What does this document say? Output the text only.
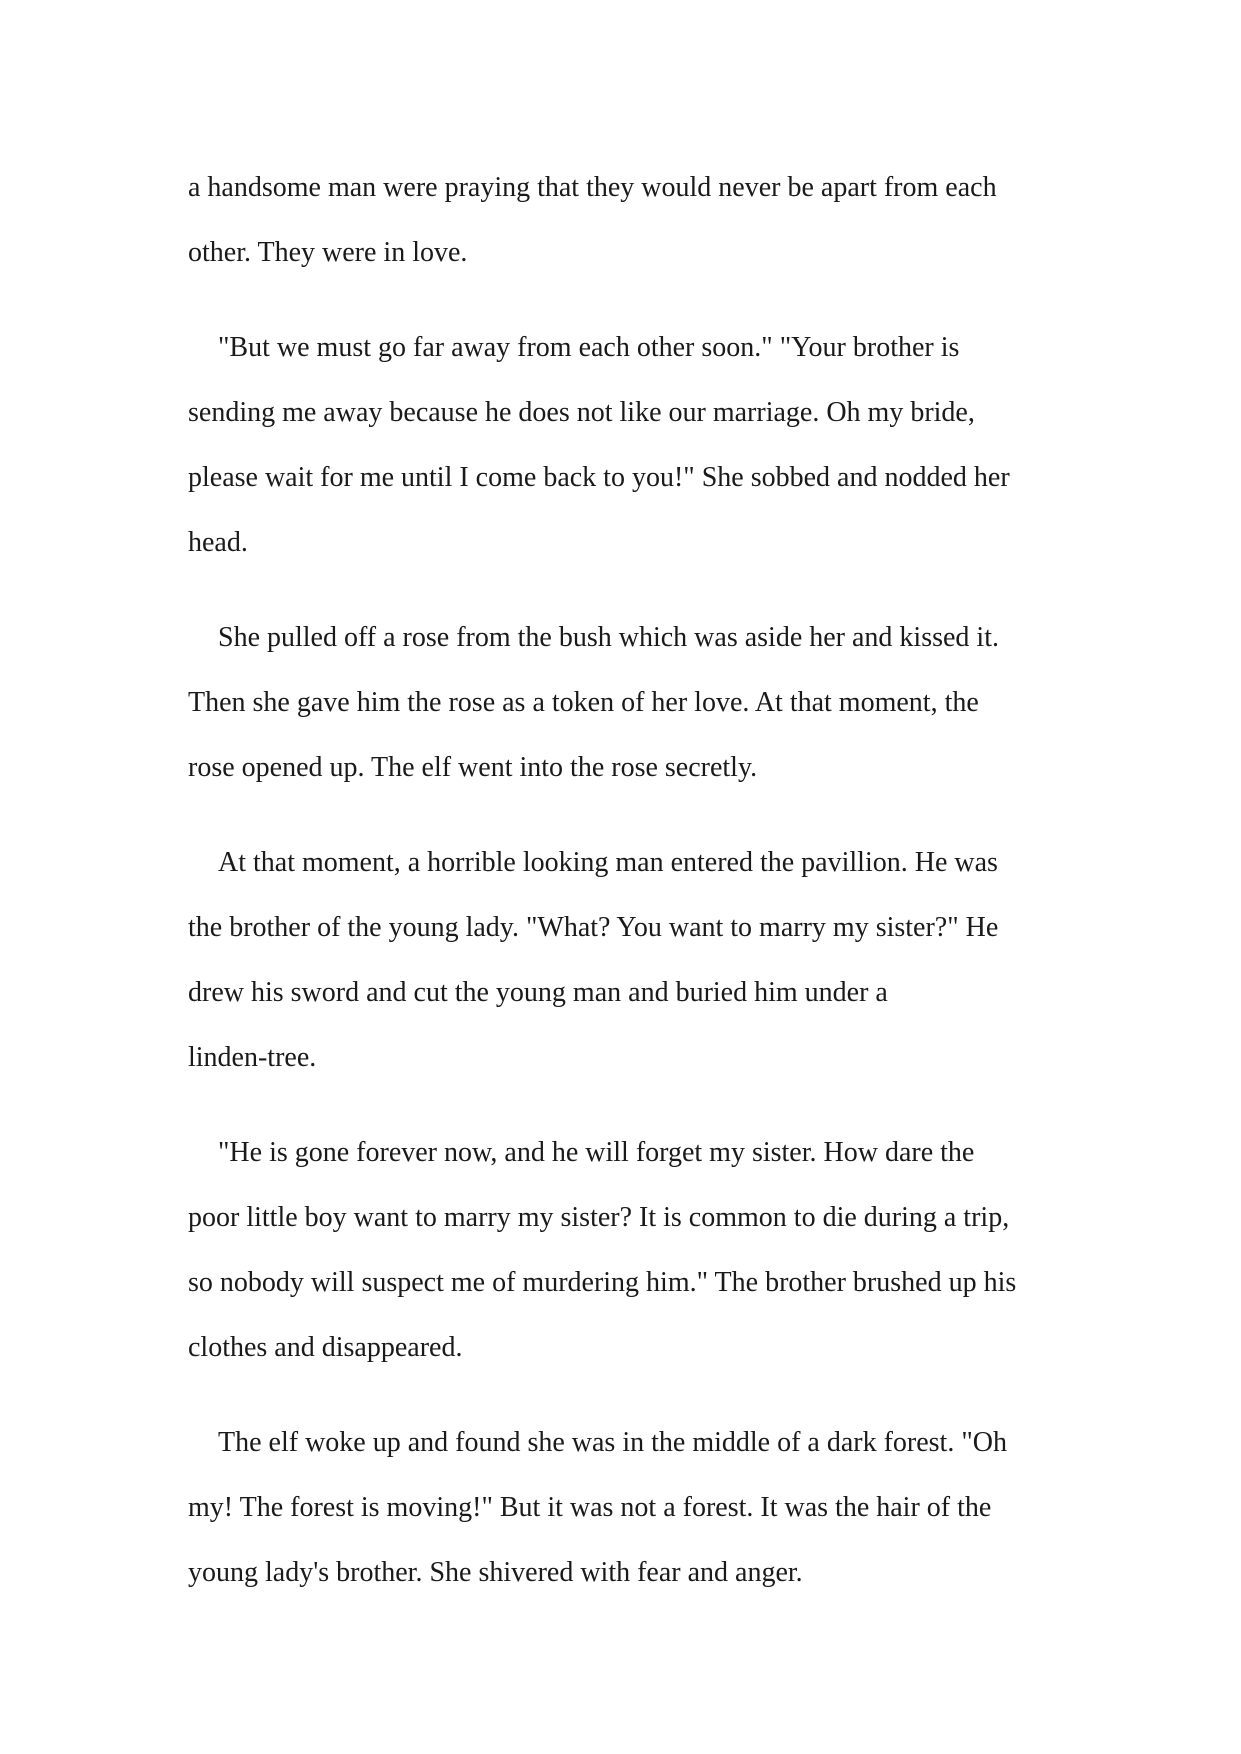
a handsome man were praying that they would never be apart from each
other. They were in love.

"But we must go far away from each other soon." "Your brother is
sending me away because he does not like our marriage. Oh my bride,
please wait for me until I come back to you!" She sobbed and nodded her
head.

She pulled off a rose from the bush which was aside her and kissed it.
Then she gave him the rose as a token of her love. At that moment, the
rose opened up. The elf went into the rose secretly.

At that moment, a horrible looking man entered the pavillion. He was
the brother of the young lady. "What? You want to marry my sister?" He
drew his sword and cut the young man and buried him under a
linden-tree.

"He is gone forever now, and he will forget my sister. How dare the
poor little boy want to marry my sister? It is common to die during a trip,
so nobody will suspect me of murdering him." The brother brushed up his
clothes and disappeared.

The elf woke up and found she was in the middle of a dark forest. "Oh
my! The forest is moving!" But it was not a forest. It was the hair of the
young lady's brother. She shivered with fear and anger.
